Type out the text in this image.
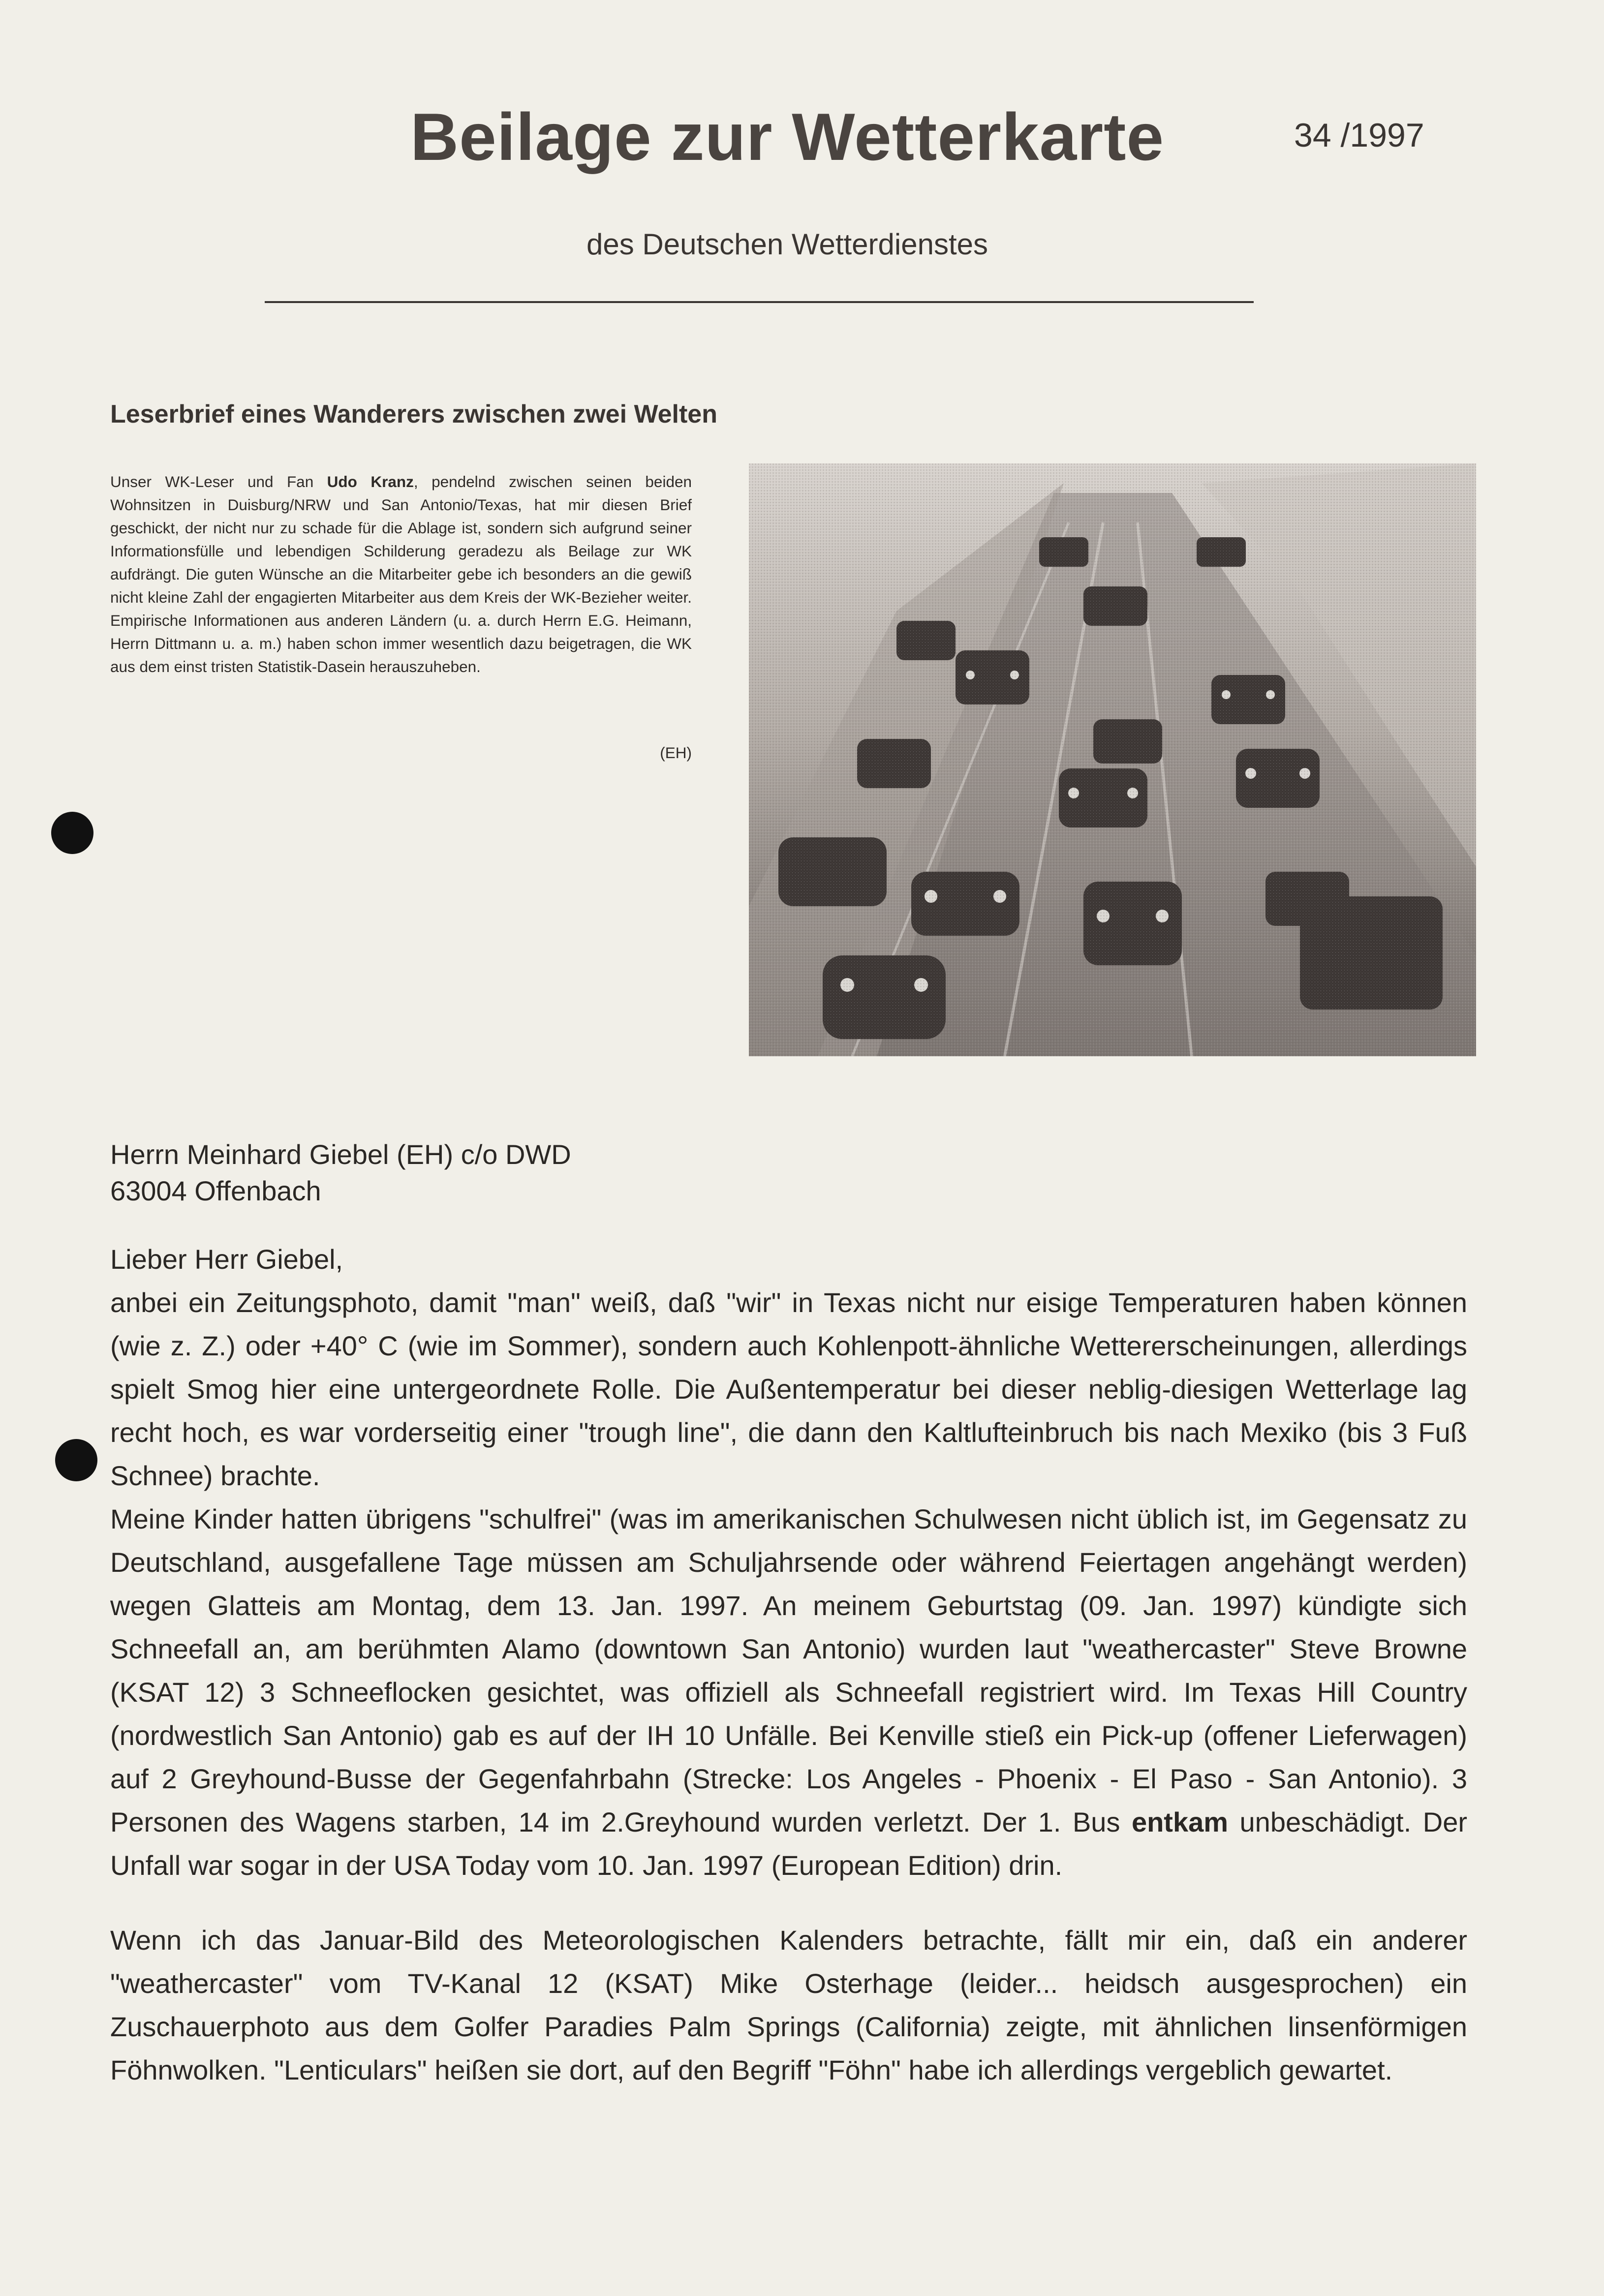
Beilage zur Wetterkarte	34 /1997
des Deutschen Wetterdienstes
Leserbrief eines Wanderers zwischen zwei Welten
Unser WK-Leser und Fan Udo Kranz, pendelnd zwischen seinen beiden Wohnsitzen in Duisburg/NRW und San Antonio/Texas, hat mir diesen Brief geschickt, der nicht nur zu schade für die Ablage ist, sondern sich aufgrund seiner Informationsfülle und lebendigen Schilderung geradezu als Beilage zur WK aufdrängt. Die guten Wünsche an die Mitarbeiter gebe ich besonders an die gewiß nicht kleine Zahl der engagierten Mitarbeiter aus dem Kreis der WK-Bezieher weiter. Empirische Informationen aus anderen Ländern (u. a. durch Herrn E.G. Heimann, Herrn Dittmann u. a. m.) haben schon immer wesentlich dazu beigetragen, die WK aus dem einst tristen Statistik-Dasein herauszuheben.
(EH)
Herrn Meinhard Giebel (EH) c/o DWD
63004 Offenbach

Lieber Herr Giebel,

anbei ein Zeitungsphoto, damit "man" weiß, daß "wir" in Texas nicht nur eisige Temperaturen haben können (wie z. Z.) oder +40° C (wie im Sommer), sondern auch Kohlenpott-ähnliche Wettererscheinungen, allerdings spielt Smog hier eine untergeordnete Rolle. Die Außentemperatur bei dieser neblig-diesigen Wetterlage lag recht hoch, es war vorderseitig einer "trough line", die dann den Kaltlufteinbruch bis nach Mexiko (bis 3 Fuß Schnee) brachte.

Meine Kinder hatten übrigens "schulfrei" (was im amerikanischen Schulwesen nicht üblich ist, im Gegensatz zu Deutschland, ausgefallene Tage müssen am Schuljahrsende oder während Feiertagen angehängt werden) wegen Glatteis am Montag, dem 13. Jan. 1997. An meinem Geburtstag (09. Jan. 1997) kündigte sich Schneefall an, am berühmten Alamo (downtown San Antonio) wurden laut "weathercaster" Steve Browne (KSAT 12) 3 Schneeflocken gesichtet, was offiziell als Schneefall registriert wird. Im Texas Hill Country (nordwestlich San Antonio) gab es auf der IH 10 Unfälle. Bei Kenville stieß ein Pick-up (offener Lieferwagen) auf 2 Greyhound-Busse der Gegenfahrbahn (Strecke: Los Angeles - Phoenix - El Paso - San Antonio). 3 Personen des Wagens starben, 14 im 2.Greyhound wurden verletzt. Der 1. Bus entkam unbeschädigt. Der Unfall war sogar in der USA Today vom 10. Jan. 1997 (European Edition) drin.

Wenn ich das Januar-Bild des Meteorologischen Kalenders betrachte, fällt mir ein, daß ein anderer "weathercaster" vom TV-Kanal 12 (KSAT) Mike Osterhage (leider... heidsch ausgesprochen) ein Zuschauerphoto aus dem Golfer Paradies Palm Springs (California) zeigte, mit ähnlichen linsenförmigen Föhnwolken. "Lenticulars" heißen sie dort, auf den Begriff "Föhn" habe ich allerdings vergeblich gewartet.
